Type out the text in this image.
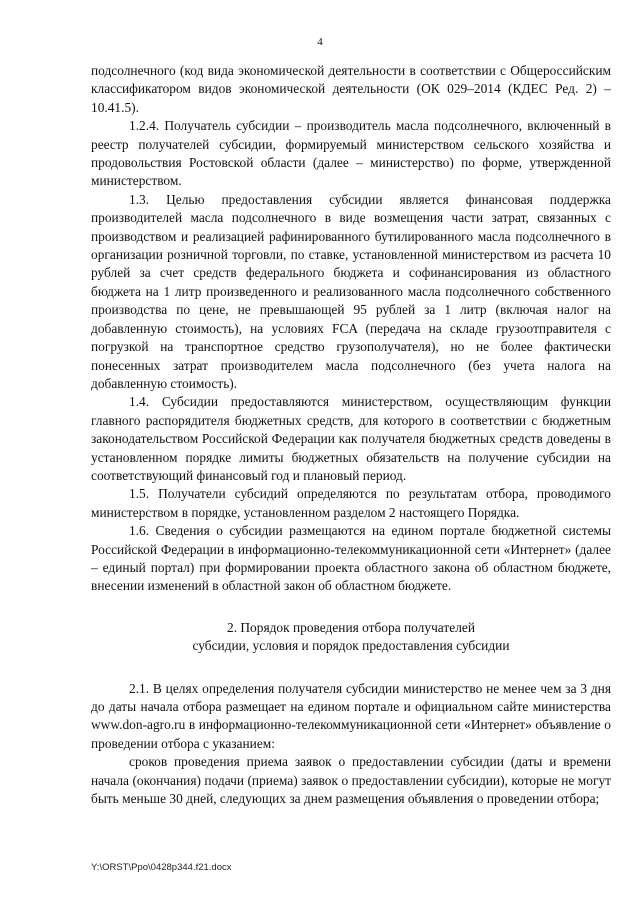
4

подсолнечного (код вида экономической деятельности в соответствии с Общероссийским классификатором видов экономической деятельности (ОК 029–2014 (КДЕС Ред. 2) – 10.41.5).

1.2.4. Получатель субсидии – производитель масла подсолнечного, включенный в реестр получателей субсидии, формируемый министерством сельского хозяйства и продовольствия Ростовской области (далее – министерство) по форме, утвержденной министерством.

1.3. Целью предоставления субсидии является финансовая поддержка производителей масла подсолнечного в виде возмещения части затрат, связанных с производством и реализацией рафинированного бутилированного масла подсолнечного в организации розничной торговли, по ставке, установленной министерством из расчета 10 рублей за счет средств федерального бюджета и софинансирования из областного бюджета на 1 литр произведенного и реализованного масла подсолнечного собственного производства по цене, не превышающей 95 рублей за 1 литр (включая налог на добавленную стоимость), на условиях FCA (передача на складе грузоотправителя с погрузкой на транспортное средство грузополучателя), но не более фактически понесенных затрат производителем масла подсолнечного (без учета налога на добавленную стоимость).

1.4. Субсидии предоставляются министерством, осуществляющим функции главного распорядителя бюджетных средств, для которого в соответствии с бюджетным законодательством Российской Федерации как получателя бюджетных средств доведены в установленном порядке лимиты бюджетных обязательств на получение субсидии на соответствующий финансовый год и плановый период.

1.5. Получатели субсидий определяются по результатам отбора, проводимого министерством в порядке, установленном разделом 2 настоящего Порядка.

1.6. Сведения о субсидии размещаются на едином портале бюджетной системы Российской Федерации в информационно-телекоммуникационной сети «Интернет» (далее – единый портал) при формировании проекта областного закона об областном бюджете, внесении изменений в областной закон об областном бюджете.

2. Порядок проведения отбора получателей
субсидии, условия и порядок предоставления субсидии

2.1. В целях определения получателя субсидии министерство не менее чем за 3 дня до даты начала отбора размещает на едином портале и официальном сайте министерства www.don-agro.ru в информационно-телекоммуникационной сети «Интернет» объявление о проведении отбора с указанием:

сроков проведения приема заявок о предоставлении субсидии (даты и времени начала (окончания) подачи (приема) заявок о предоставлении субсидии), которые не могут быть меньше 30 дней, следующих за днем размещения объявления о проведении отбора;

Y:\ORST\Ppo\0428p344.f21.docx
